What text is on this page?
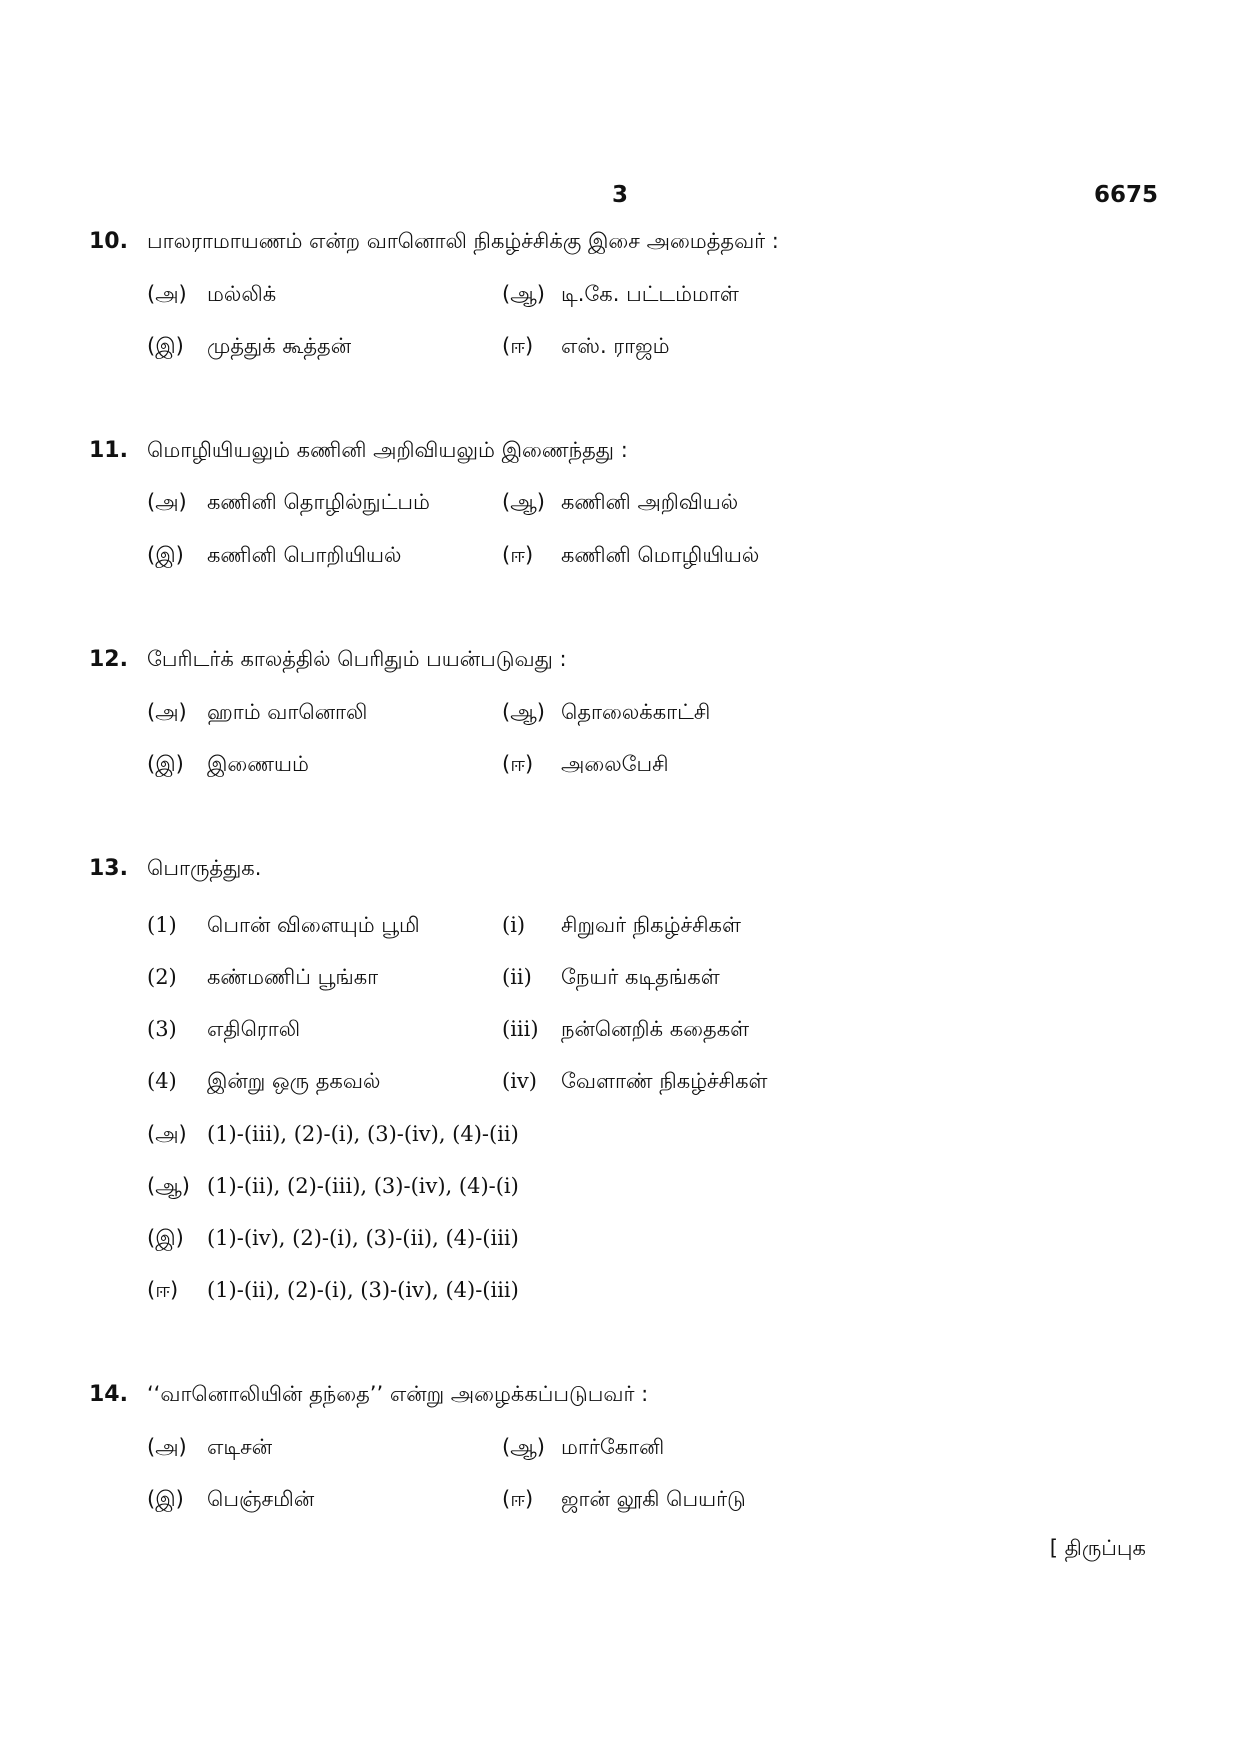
3	6675
10. பாலராமாயணம் என்ற வானொலி நிகழ்ச்சிக்கு இசை அமைத்தவர் :
(அ) மல்லிக்	(ஆ) டி.கே. பட்டம்மாள்
(இ) முத்துக் கூத்தன்	(ஈ) எஸ். ராஜம்
11. மொழியியலும் கணினி அறிவியலும் இணைந்தது :
(அ) கணினி தொழில்நுட்பம்	(ஆ) கணினி அறிவியல்
(இ) கணினி பொறியியல்	(ஈ) கணினி மொழியியல்
12. பேரிடர்க் காலத்தில் பெரிதும் பயன்படுவது :
(அ) ஹாம் வானொலி	(ஆ) தொலைக்காட்சி
(இ) இணையம்	(ஈ) அலைபேசி
13. பொருத்துக.
(1) பொன் விளையும் பூமி	(i) சிறுவர் நிகழ்ச்சிகள்
(2) கண்மணிப் பூங்கா	(ii) நேயர் கடிதங்கள்
(3) எதிரொலி	(iii) நன்னெறிக் கதைகள்
(4) இன்று ஒரு தகவல்	(iv) வேளாண் நிகழ்ச்சிகள்
(அ) (1)-(iii), (2)-(i), (3)-(iv), (4)-(ii)
(ஆ) (1)-(ii), (2)-(iii), (3)-(iv), (4)-(i)
(இ) (1)-(iv), (2)-(i), (3)-(ii), (4)-(iii)
(ஈ) (1)-(ii), (2)-(i), (3)-(iv), (4)-(iii)
14. ‘‘வானொலியின் தந்தை’’ என்று அழைக்கப்படுபவர் :
(அ) எடிசன்	(ஆ) மார்கோனி
(இ) பெஞ்சமின்	(ஈ) ஜான் லூகி பெயர்டு
[ திருப்புக
